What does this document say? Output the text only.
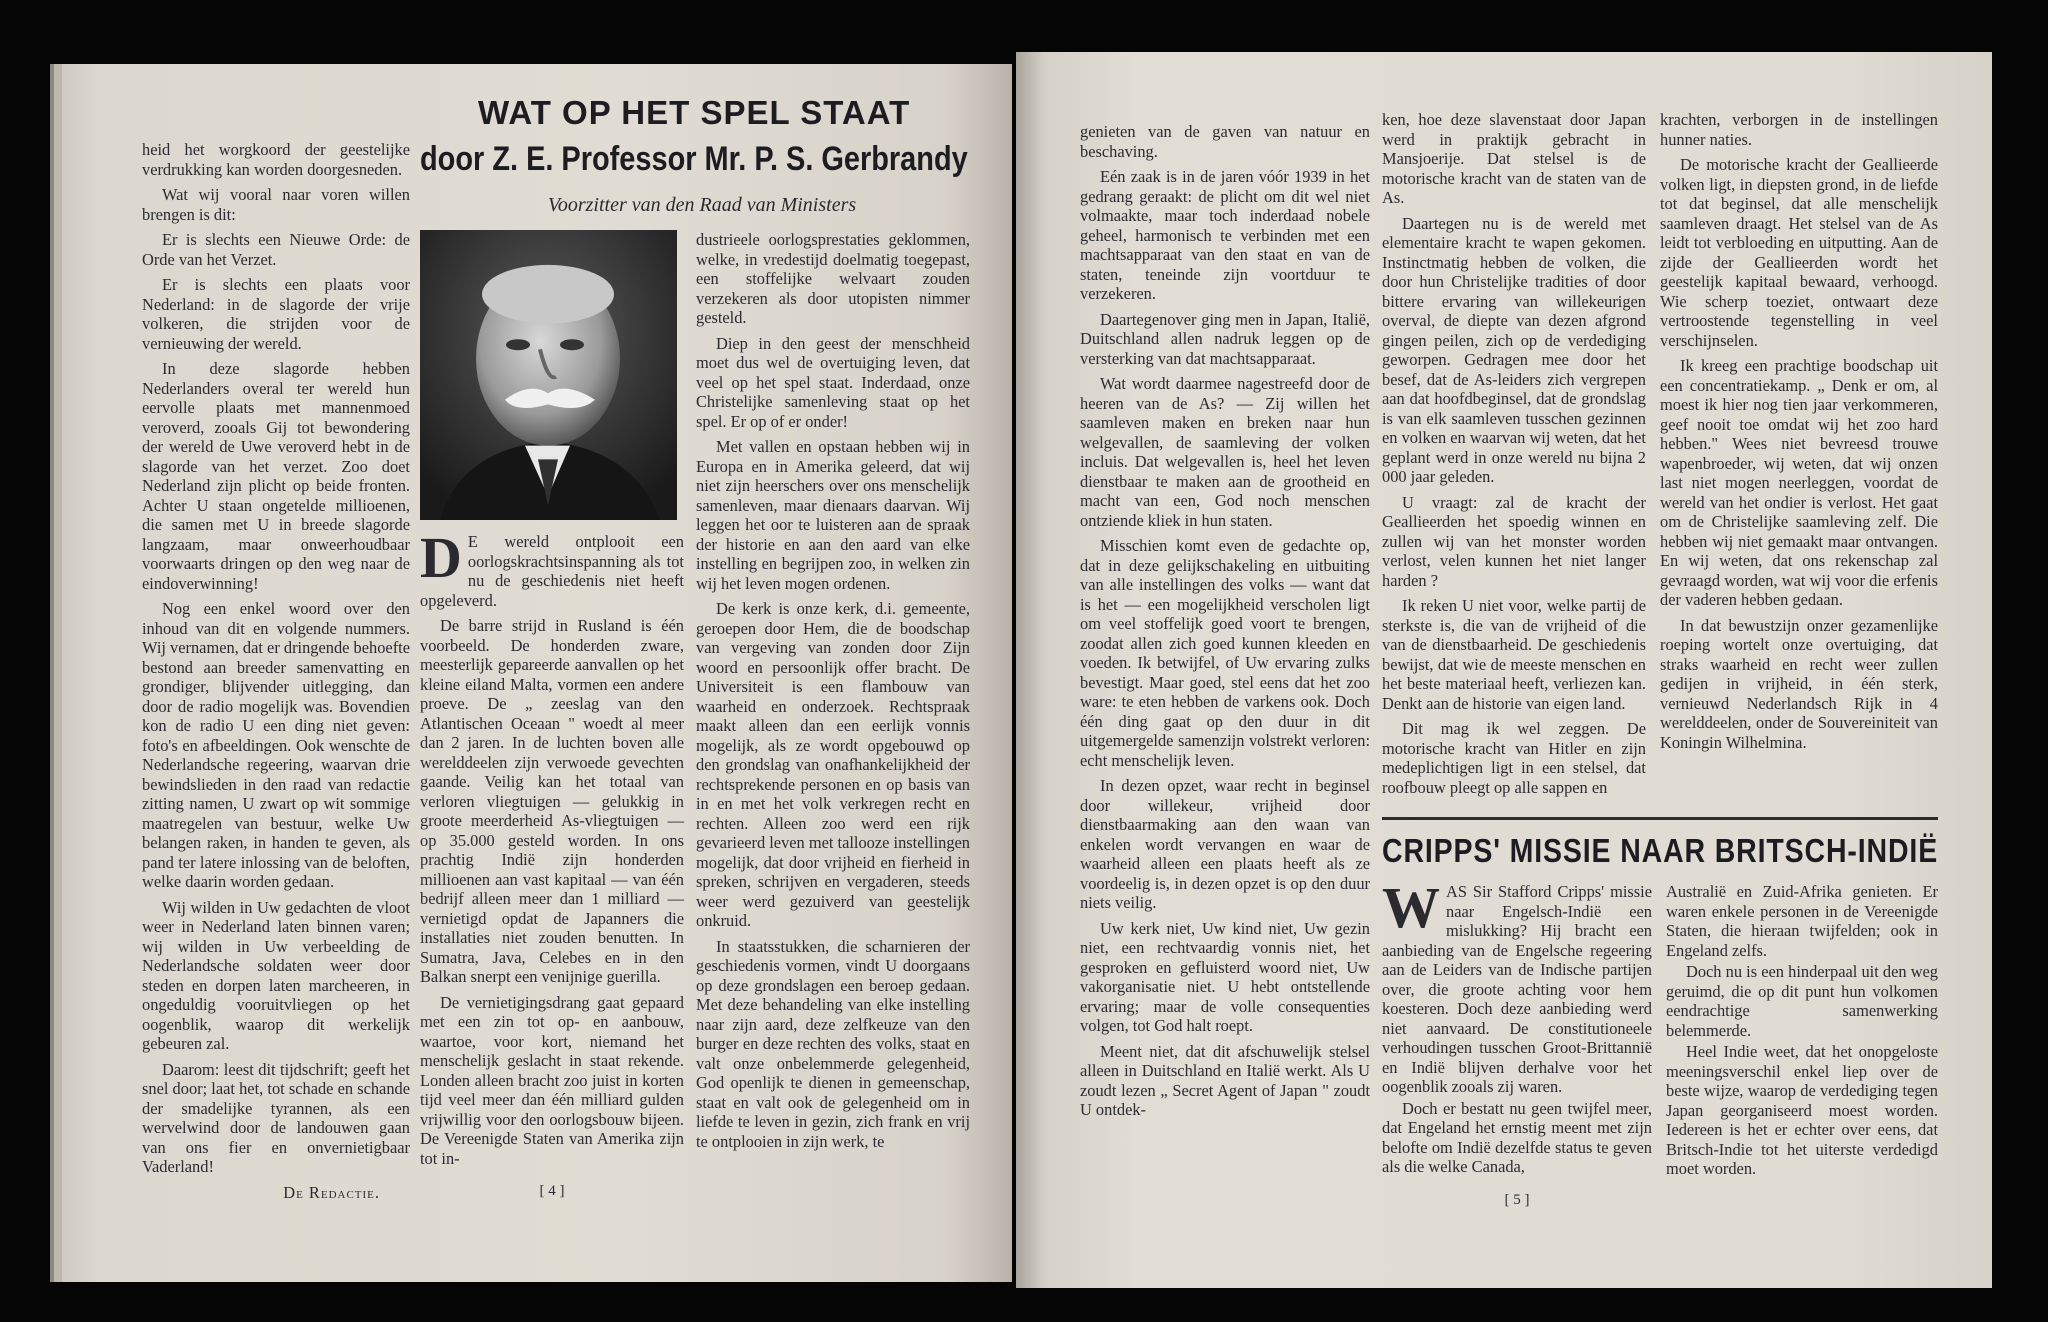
WAT OP HET SPEL STAAT
door Z. E. Professor Mr. P. S. Gerbrandy
Voorzitter van den Raad van Ministers

heid het worgkoord der geestelijke verdrukking kan worden doorgesneden.

Wat wij vooral naar voren willen brengen is dit:

Er is slechts een Nieuwe Orde: de Orde van het Verzet.

Er is slechts een plaats voor Nederland: in de slagorde der vrije volkeren, die strijden voor de vernieuwing der wereld.

In deze slagorde hebben Nederlanders overal ter wereld hun eervolle plaats met mannenmoed veroverd, zooals Gij tot bewondering der wereld de Uwe veroverd hebt in de slagorde van het verzet. Zoo doet Nederland zijn plicht op beide fronten. Achter U staan ongetelde millioenen, die samen met U in breede slagorde langzaam, maar onweerhoudbaar voorwaarts dringen op den weg naar de eindoverwinning!

Nog een enkel woord over den inhoud van dit en volgende nummers. Wij vernamen, dat er dringende behoefte bestond aan breeder samenvatting en grondiger, blijvender uitlegging, dan door de radio mogelijk was. Bovendien kon de radio U een ding niet geven: foto's en afbeeldingen. Ook wenschte de Nederlandsche regeering, waarvan drie bewindslieden in den raad van redactie zitting namen, U zwart op wit sommige maatregelen van bestuur, welke Uw belangen raken, in handen te geven, als pand ter latere inlossing van de beloften, welke daarin worden gedaan.

Wij wilden in Uw gedachten de vloot weer in Nederland laten binnen varen; wij wilden in Uw verbeelding de Nederlandsche soldaten weer door steden en dorpen laten marcheeren, in ongeduldig vooruitvliegen op het oogenblik, waarop dit werkelijk gebeuren zal.

Daarom: leest dit tijdschrift; geeft het snel door; laat het, tot schade en schande der smadelijke tyrannen, als een wervelwind door de landouwen gaan van ons fier en onvernietigbaar Vaderland!

De Redactie.

D E wereld ontplooit een oorlogskrachtsinspanning als tot nu de geschiedenis niet heeft opgeleverd.

De barre strijd in Rusland is één voorbeeld. De honderden zware, meesterlijk gepareerde aanvallen op het kleine eiland Malta, vormen een andere proeve. De „ zeeslag van den Atlantischen Oceaan " woedt al meer dan 2 jaren. In de luchten boven alle werelddeelen zijn verwoede gevechten gaande. Veilig kan het totaal van verloren vliegtuigen — gelukkig in groote meerderheid As-vliegtuigen — op 35.000 gesteld worden. In ons prachtig Indië zijn honderden millioenen aan vast kapitaal — van één bedrijf alleen meer dan 1 milliard — vernietigd opdat de Japanners die installaties niet zouden benutten. In Sumatra, Java, Celebes en in den Balkan snerpt een venijnige guerilla.

De vernietigingsdrang gaat gepaard met een zin tot op- en aanbouw, waartoe, voor kort, niemand het menschelijk geslacht in staat rekende. Londen alleen bracht zoo juist in korten tijd veel meer dan één milliard gulden vrijwillig voor den oorlogsbouw bijeen. De Vereenigde Staten van Amerika zijn tot in-

[ 4 ]

dustrieele oorlogsprestaties geklommen, welke, in vredestijd doelmatig toegepast, een stoffelijke welvaart zouden verzekeren als door utopisten nimmer gesteld.

Diep in den geest der menschheid moet dus wel de overtuiging leven, dat veel op het spel staat. Inderdaad, onze Christelijke samenleving staat op het spel. Er op of er onder!

Met vallen en opstaan hebben wij in Europa en in Amerika geleerd, dat wij niet zijn heerschers over ons menschelijk samenleven, maar dienaars daarvan. Wij leggen het oor te luisteren aan de spraak der historie en aan den aard van elke instelling en begrijpen zoo, in welken zin wij het leven mogen ordenen.

De kerk is onze kerk, d.i. gemeente, geroepen door Hem, die de boodschap van vergeving van zonden door Zijn woord en persoonlijk offer bracht. De Universiteit is een flambouw van waarheid en onderzoek. Rechtspraak maakt alleen dan een eerlijk vonnis mogelijk, als ze wordt opgebouwd op den grondslag van onafhankelijkheid der rechtsprekende personen en op basis van in en met het volk verkregen recht en rechten. Alleen zoo werd een rijk gevarieerd leven met tallooze instellingen mogelijk, dat door vrijheid en fierheid in spreken, schrijven en vergaderen, steeds weer werd gezuiverd van geestelijk onkruid.

In staatsstukken, die scharnieren der geschiedenis vormen, vindt U doorgaans op deze grondslagen een beroep gedaan. Met deze behandeling van elke instelling naar zijn aard, deze zelfkeuze van den burger en deze rechten des volks, staat en valt onze onbelemmerde gelegenheid, God openlijk te dienen in gemeenschap, staat en valt ook de gelegenheid om in liefde te leven in gezin, zich frank en vrij te ontplooien in zijn werk, te

genieten van de gaven van natuur en beschaving.

Eén zaak is in de jaren vóór 1939 in het gedrang geraakt: de plicht om dit wel niet volmaakte, maar toch inderdaad nobele geheel, harmonisch te verbinden met een machtsapparaat van den staat en van de staten, teneinde zijn voortduur te verzekeren.

Daartegenover ging men in Japan, Italië, Duitschland allen nadruk leggen op de versterking van dat machtsapparaat.

Wat wordt daarmee nagestreefd door de heeren van de As? — Zij willen het saamleven maken en breken naar hun welgevallen, de saamleving der volken incluis. Dat welgevallen is, heel het leven dienstbaar te maken aan de grootheid en macht van een, God noch menschen ontziende kliek in hun staten.

Misschien komt even de gedachte op, dat in deze gelijkschakeling en uitbuiting van alle instellingen des volks — want dat is het — een mogelijkheid verscholen ligt om veel stoffelijk goed voort te brengen, zoodat allen zich goed kunnen kleeden en voeden. Ik betwijfel, of Uw ervaring zulks bevestigt. Maar goed, stel eens dat het zoo ware: te eten hebben de varkens ook. Doch één ding gaat op den duur in dit uitgemergelde samenzijn volstrekt verloren: echt menschelijk leven.

In dezen opzet, waar recht in beginsel door willekeur, vrijheid door dienstbaarmaking aan den waan van enkelen wordt vervangen en waar de waarheid alleen een plaats heeft als ze voordeelig is, in dezen opzet is op den duur niets veilig.

Uw kerk niet, Uw kind niet, Uw gezin niet, een rechtvaardig vonnis niet, het gesproken en gefluisterd woord niet, Uw vakorganisatie niet. U hebt ontstellende ervaring; maar de volle consequenties volgen, tot God halt roept.

Meent niet, dat dit afschuwelijk stelsel alleen in Duitschland en Italië werkt. Als U zoudt lezen „ Secret Agent of Japan " zoudt U ontdek-

ken, hoe deze slavenstaat door Japan werd in praktijk gebracht in Mansjoerije. Dat stelsel is de motorische kracht van de staten van de As.

Daartegen nu is de wereld met elementaire kracht te wapen gekomen. Instinctmatig hebben de volken, die door hun Christelijke tradities of door bittere ervaring van willekeurigen overval, de diepte van dezen afgrond gingen peilen, zich op de verdediging geworpen. Gedragen mee door het besef, dat de As-leiders zich vergrepen aan dat hoofdbeginsel, dat de grondslag is van elk saamleven tusschen gezinnen en volken en waarvan wij weten, dat het geplant werd in onze wereld nu bijna 2 000 jaar geleden.

U vraagt: zal de kracht der Geallieerden het spoedig winnen en zullen wij van het monster worden verlost, velen kunnen het niet langer harden ?

Ik reken U niet voor, welke partij de sterkste is, die van de vrijheid of die van de dienstbaarheid. De geschiedenis bewijst, dat wie de meeste menschen en het beste materiaal heeft, verliezen kan. Denkt aan de historie van eigen land.

Dit mag ik wel zeggen. De motorische kracht van Hitler en zijn medeplichtigen ligt in een stelsel, dat roofbouw pleegt op alle sappen en

krachten, verborgen in de instellingen hunner naties.

De motorische kracht der Geallieerde volken ligt, in diepsten grond, in de liefde tot dat beginsel, dat alle menschelijk saamleven draagt. Het stelsel van de As leidt tot verbloeding en uitputting. Aan de zijde der Geallieerden wordt het geestelijk kapitaal bewaard, verhoogd. Wie scherp toeziet, ontwaart deze vertroostende tegenstelling in veel verschijnselen.

Ik kreeg een prachtige boodschap uit een concentratiekamp. „ Denk er om, al moest ik hier nog tien jaar verkommeren, geef nooit toe omdat wij het zoo hard hebben." Wees niet bevreesd trouwe wapenbroeder, wij weten, dat wij onzen last niet mogen neerleggen, voordat de wereld van het ondier is verlost. Het gaat om de Christelijke saamleving zelf. Die hebben wij niet gemaakt maar ontvangen. En wij weten, dat ons rekenschap zal gevraagd worden, wat wij voor die erfenis der vaderen hebben gedaan.

In dat bewustzijn onzer gezamenlijke roeping wortelt onze overtuiging, dat straks waarheid en recht weer zullen gedijen in vrijheid, in één sterk, vernieuwd Nederlandsch Rijk in 4 werelddeelen, onder de Souvereiniteit van Koningin Wilhelmina.

CRIPPS' MISSIE NAAR BRITSCH-INDIË

WAS Sir Stafford Cripps' missie naar Engelsch-Indië een mislukking? Hij bracht een aanbieding van de Engelsche regeering aan de Leiders van de Indische partijen over, die groote achting voor hem koesteren. Doch deze aanbieding werd niet aanvaard. De constitutioneele verhoudingen tusschen Groot-Brittannië en Indië blijven derhalve voor het oogenblik zooals zij waren.

Doch er bestatt nu geen twijfel meer, dat Engeland het ernstig meent met zijn belofte om Indië dezelfde status te geven als die welke Canada,

[ 5 ]

Australië en Zuid-Afrika genieten. Er waren enkele personen in de Vereenigde Staten, die hieraan twijfelden; ook in Engeland zelfs.

Doch nu is een hinderpaal uit den weg geruimd, die op dit punt hun volkomen eendrachtige samenwerking belemmerde.

Heel Indie weet, dat het onopgeloste meeningsverschil enkel liep over de beste wijze, waarop de verdediging tegen Japan georganiseerd moest worden. Iedereen is het er echter over eens, dat Britsch-Indie tot het uiterste verdedigd moet worden.
